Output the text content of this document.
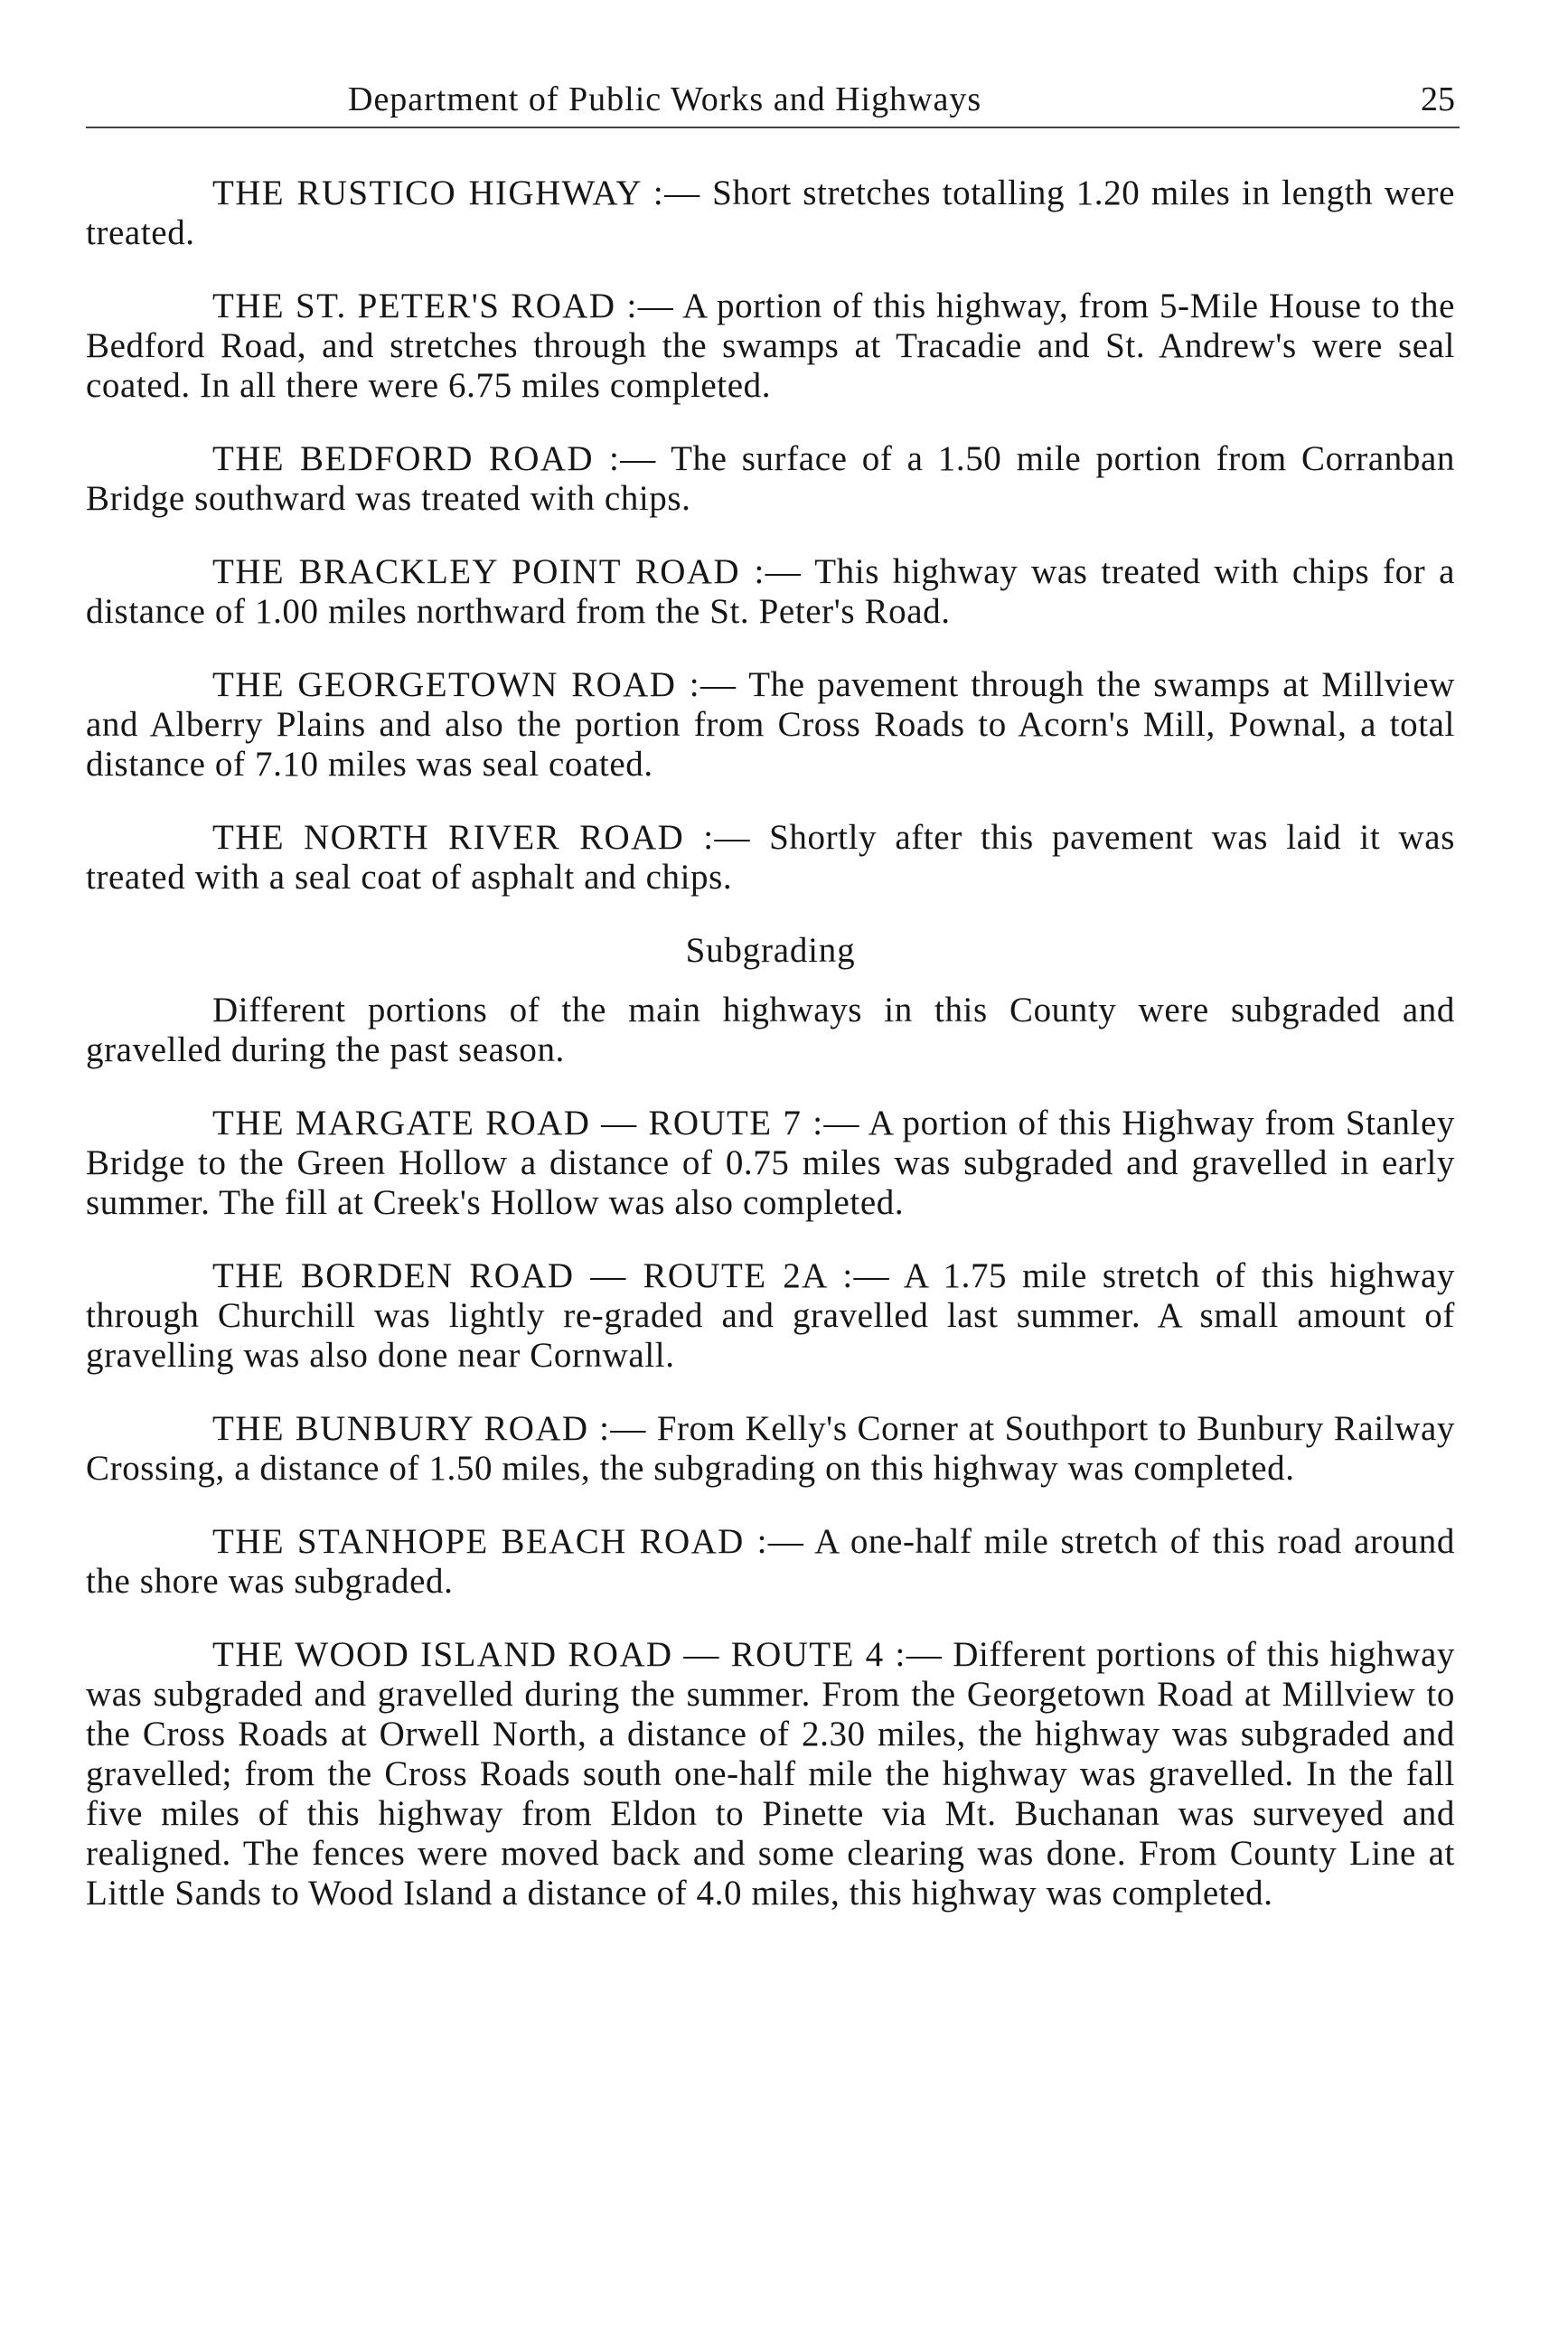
Department of Public Works and Highways	25

THE RUSTICO HIGHWAY :— Short stretches totalling 1.20 miles in length were treated.

THE ST. PETER'S ROAD :— A portion of this highway, from 5-Mile House to the Bedford Road, and stretches through the swamps at Tracadie and St. Andrew's were seal coated. In all there were 6.75 miles completed.

THE BEDFORD ROAD :— The surface of a 1.50 mile portion from Corranban Bridge southward was treated with chips.

THE BRACKLEY POINT ROAD :— This highway was treated with chips for a distance of 1.00 miles northward from the St. Peter's Road.

THE GEORGETOWN ROAD :— The pavement through the swamps at Millview and Alberry Plains and also the portion from Cross Roads to Acorn's Mill, Pownal, a total distance of 7.10 miles was seal coated.

THE NORTH RIVER ROAD :— Shortly after this pavement was laid it was treated with a seal coat of asphalt and chips.

Subgrading

Different portions of the main highways in this County were subgraded and gravelled during the past season.

THE MARGATE ROAD — ROUTE 7 :— A portion of this Highway from Stanley Bridge to the Green Hollow a distance of 0.75 miles was subgraded and gravelled in early summer. The fill at Creek's Hollow was also completed.

THE BORDEN ROAD — ROUTE 2A :— A 1.75 mile stretch of this highway through Churchill was lightly re-graded and gravelled last summer. A small amount of gravelling was also done near Cornwall.

THE BUNBURY ROAD :— From Kelly's Corner at Southport to Bunbury Railway Crossing, a distance of 1.50 miles, the subgrading on this highway was completed.

THE STANHOPE BEACH ROAD :— A one-half mile stretch of this road around the shore was subgraded.

THE WOOD ISLAND ROAD — ROUTE 4 :— Different portions of this highway was subgraded and gravelled during the summer. From the Georgetown Road at Millview to the Cross Roads at Orwell North, a distance of 2.30 miles, the highway was subgraded and gravelled; from the Cross Roads south one-half mile the highway was gravelled. In the fall five miles of this highway from Eldon to Pinette via Mt. Buchanan was surveyed and realigned. The fences were moved back and some clearing was done. From County Line at Little Sands to Wood Island a distance of 4.0 miles, this highway was completed.
